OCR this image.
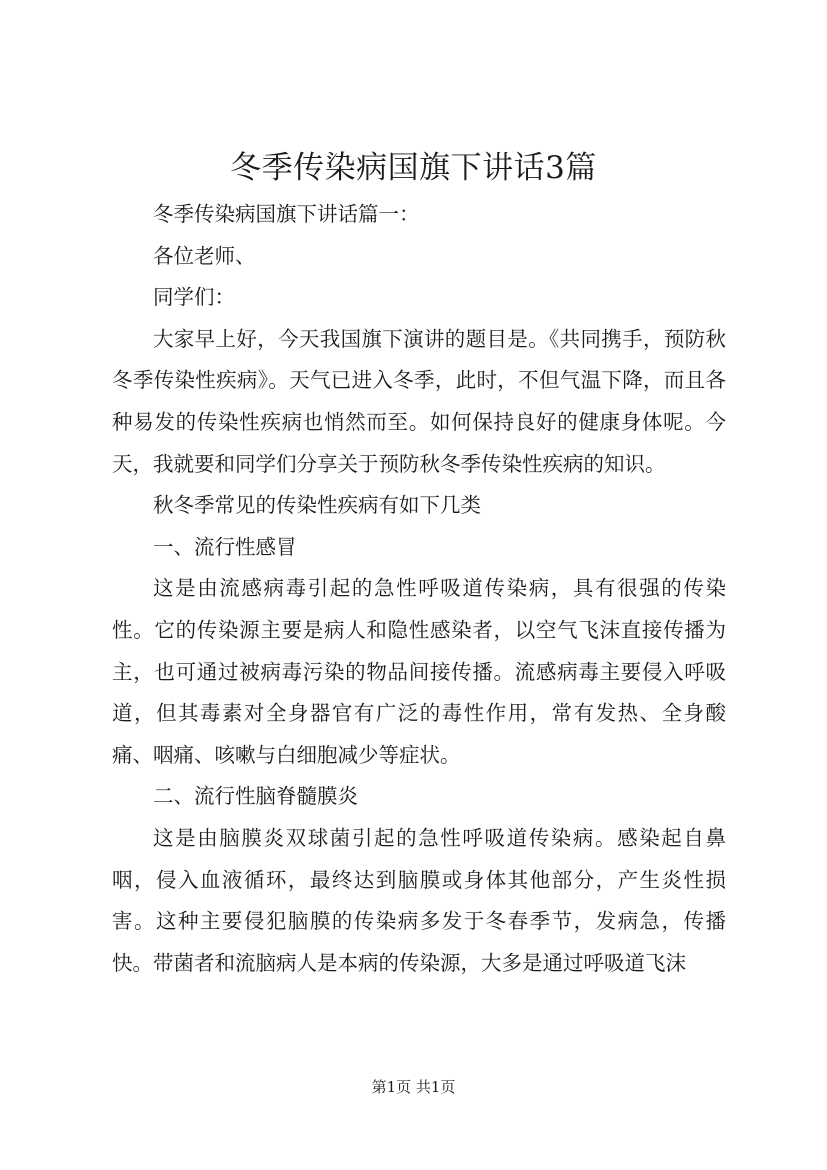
冬季传染病国旗下讲话3篇

冬季传染病国旗下讲话篇一：

各位老师、

同学们：

大家早上好，今天我国旗下演讲的题目是。《共同携手，预防秋冬季传染性疾病》。天气已进入冬季，此时，不但气温下降，而且各种易发的传染性疾病也悄然而至。如何保持良好的健康身体呢。今天，我就要和同学们分享关于预防秋冬季传染性疾病的知识。

秋冬季常见的传染性疾病有如下几类

一、流行性感冒

这是由流感病毒引起的急性呼吸道传染病，具有很强的传染性。它的传染源主要是病人和隐性感染者，以空气飞沫直接传播为主，也可通过被病毒污染的物品间接传播。流感病毒主要侵入呼吸道，但其毒素对全身器官有广泛的毒性作用，常有发热、全身酸痛、咽痛、咳嗽与白细胞减少等症状。

二、流行性脑脊髓膜炎

这是由脑膜炎双球菌引起的急性呼吸道传染病。感染起自鼻咽，侵入血液循环，最终达到脑膜或身体其他部分，产生炎性损害。这种主要侵犯脑膜的传染病多发于冬春季节，发病急，传播快。带菌者和流脑病人是本病的传染源，大多是通过呼吸道飞沫

第1页 共1页
